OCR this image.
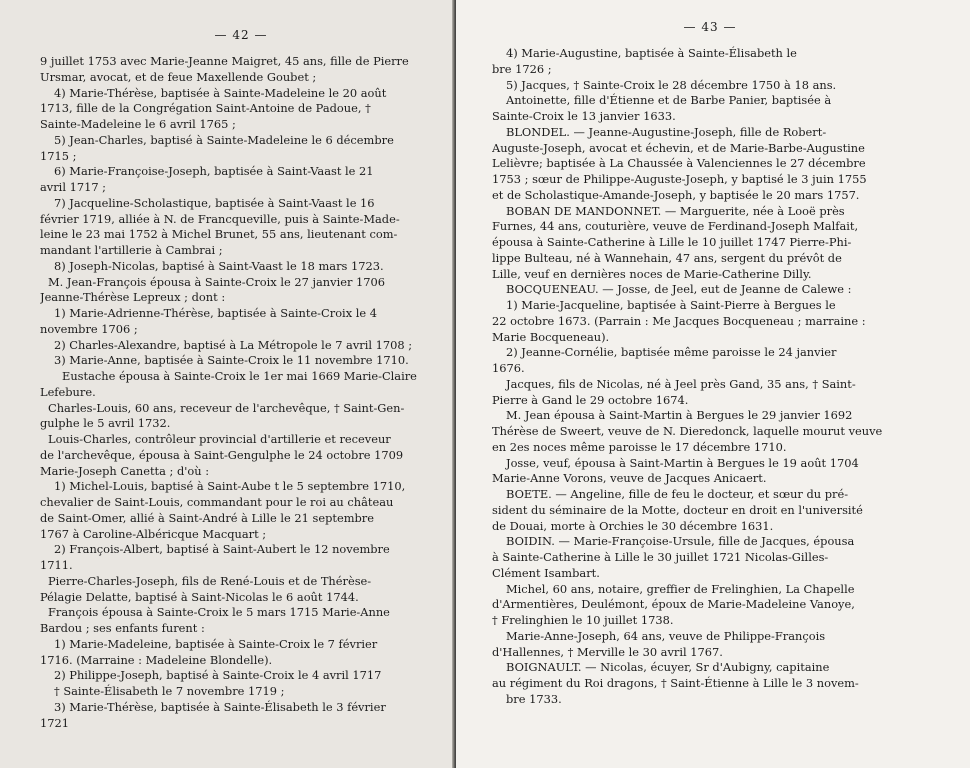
— 42 —
9 juillet 1753 avec Marie-Jeanne Maigret, 45 ans, fille de Pierre
Ursmar, avocat, et de feue Maxellende Goubet ;
4) Marie-Thérèse, baptisée à Sainte-Madeleine le 20 août
1713, fille de la Congrégation Saint-Antoine de Padoue, †
Sainte-Madeleine le 6 avril 1765 ;
5) Jean-Charles, baptisé à Sainte-Madeleine le 6 décembre
1715 ;
6) Marie-Françoise-Joseph, baptisée à Saint-Vaast le 21
avril 1717 ;
7) Jacqueline-Scholastique, baptisée à Saint-Vaast le 16
février 1719, alliée à N. de Francqueville, puis à Sainte-Made-
leine le 23 mai 1752 à Michel Brunet, 55 ans, lieutenant com-
mandant l'artillerie à Cambrai ;
8) Joseph-Nicolas, baptisé à Saint-Vaast le 18 mars 1723.
M. Jean-François épousa à Sainte-Croix le 27 janvier 1706
Jeanne-Thérèse Lepreux ; dont :
1) Marie-Adrienne-Thérèse, baptisée à Sainte-Croix le 4
novembre 1706 ;
2) Charles-Alexandre, baptisé à La Métropole le 7 avril 1708 ;
3) Marie-Anne, baptisée à Sainte-Croix le 11 novembre 1710.
Eustache épousa à Sainte-Croix le 1er mai 1669 Marie-Claire
Lefebure.
Charles-Louis, 60 ans, receveur de l'archevêque, † Saint-Gen-
gulphe le 5 avril 1732.
Louis-Charles, contrôleur provincial d'artillerie et receveur
de l'archevêque, épousa à Saint-Gengulphe le 24 octobre 1709
Marie-Joseph Canetta ; d'où :
1) Michel-Louis, baptisé à Saint-Aube t le 5 septembre 1710,
chevalier de Saint-Louis, commandant pour le roi au château
de Saint-Omer, allié à Saint-André à Lille le 21 septembre
1767 à Caroline-Albéricque Macquart ;
2) François-Albert, baptisé à Saint-Aubert le 12 novembre
1711.
Pierre-Charles-Joseph, fils de René-Louis et de Thérèse-
Pélagie Delatte, baptisé à Saint-Nicolas le 6 août 1744.
François épousa à Sainte-Croix le 5 mars 1715 Marie-Anne
Bardou ; ses enfants furent :
1) Marie-Madeleine, baptisée à Sainte-Croix le 7 février
1716. (Marraine : Madeleine Blondelle).
2) Philippe-Joseph, baptisé à Sainte-Croix le 4 avril 1717
† Sainte-Élisabeth le 7 novembre 1719 ;
3) Marie-Thérèse, baptisée à Sainte-Élisabeth le 3 février
1721
— 43 —
4) Marie-Augustine, baptisée à Sainte-Élisabeth le
bre 1726 ;
5) Jacques, † Sainte-Croix le 28 décembre 1750 à 18 ans.
Antoinette, fille d'Étienne et de Barbe Panier, baptisée à
Sainte-Croix le 13 janvier 1633.
BLONDEL. — Jeanne-Augustine-Joseph, fille de Robert-
Auguste-Joseph, avocat et échevin, et de Marie-Barbe-Augustine
Lelièvre; baptisée à La Chaussée à Valenciennes le 27 décembre
1753 ; sœur de Philippe-Auguste-Joseph, y baptisé le 3 juin 1755
et de Scholastique-Amande-Joseph, y baptisée le 20 mars 1757.
BOBAN DE MANDONNET. — Marguerite, née à Looë près
Furnes, 44 ans, couturière, veuve de Ferdinand-Joseph Malfait,
épousa à Sainte-Catherine à Lille le 10 juillet 1747 Pierre-Phi-
lippe Bulteau, né à Wannehain, 47 ans, sergent du prévôt de
Lille, veuf en dernières noces de Marie-Catherine Dilly.
BOCQUENEAU. — Josse, de Jeel, eut de Jeanne de Calewe :
1) Marie-Jacqueline, baptisée à Saint-Pierre à Bergues le
22 octobre 1673. (Parrain : Me Jacques Bocqueneau ; marraine :
Marie Bocqueneau).
2) Jeanne-Cornélie, baptisée même paroisse le 24 janvier
1676.
Jacques, fils de Nicolas, né à Jeel près Gand, 35 ans, † Saint-
Pierre à Gand le 29 octobre 1674.
M. Jean épousa à Saint-Martin à Bergues le 29 janvier 1692
Thérèse de Sweert, veuve de N. Dieredonck, laquelle mourut veuve
en 2es noces même paroisse le 17 décembre 1710.
Josse, veuf, épousa à Saint-Martin à Bergues le 19 août 1704
Marie-Anne Vorons, veuve de Jacques Anicaert.
BOETE. — Angeline, fille de feu le docteur, et sœur du pré-
sident du séminaire de la Motte, docteur en droit en l'université
de Douai, morte à Orchies le 30 décembre 1631.
BOIDIN. — Marie-Françoise-Ursule, fille de Jacques, épousa
à Sainte-Catherine à Lille le 30 juillet 1721 Nicolas-Gilles-
Clément Isambart.
Michel, 60 ans, notaire, greffier de Frelinghien, La Chapelle
d'Armentières, Deulémont, époux de Marie-Madeleine Vanoye,
† Frelinghien le 10 juillet 1738.
Marie-Anne-Joseph, 64 ans, veuve de Philippe-François
d'Hallennes, † Merville le 30 avril 1767.
BOIGNAULT. — Nicolas, écuyer, Sr d'Aubigny, capitaine
au régiment du Roi dragons, † Saint-Étienne à Lille le 3 novem-
bre 1733.
